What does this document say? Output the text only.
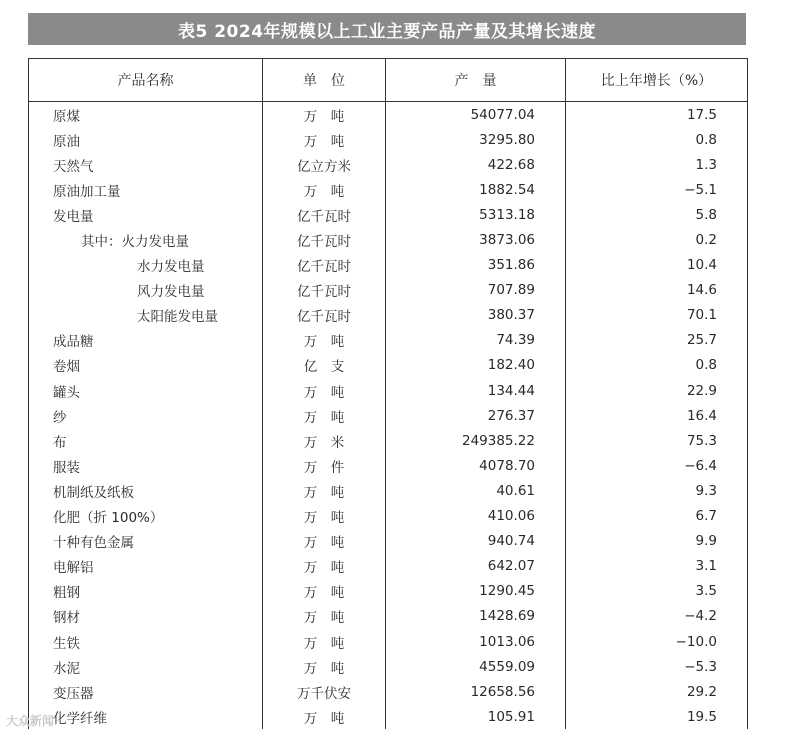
表5 2024年规模以上工业主要产品产量及其增长速度
产品名称	单　位	产　量	比上年增长（%）
原煤	万　吨	54077.04	17.5
原油	万　吨	3295.80	0.8
天然气	亿立方米	422.68	1.3
原油加工量	万　吨	1882.54	−5.1
发电量	亿千瓦时	5313.18	5.8
其中：火力发电量	亿千瓦时	3873.06	0.2
水力发电量	亿千瓦时	351.86	10.4
风力发电量	亿千瓦时	707.89	14.6
太阳能发电量	亿千瓦时	380.37	70.1
成品糖	万　吨	74.39	25.7
卷烟	亿　支	182.40	0.8
罐头	万　吨	134.44	22.9
纱	万　吨	276.37	16.4
布	万　米	249385.22	75.3
服装	万　件	4078.70	−6.4
机制纸及纸板	万　吨	40.61	9.3
化肥（折 100%）	万　吨	410.06	6.7
十种有色金属	万　吨	940.74	9.9
电解铝	万　吨	642.07	3.1
粗钢	万　吨	1290.45	3.5
钢材	万　吨	1428.69	−4.2
生铁	万　吨	1013.06	−10.0
水泥	万　吨	4559.09	−5.3
变压器	万千伏安	12658.56	29.2
化学纤维	万　吨	105.91	19.5
大众新闻
